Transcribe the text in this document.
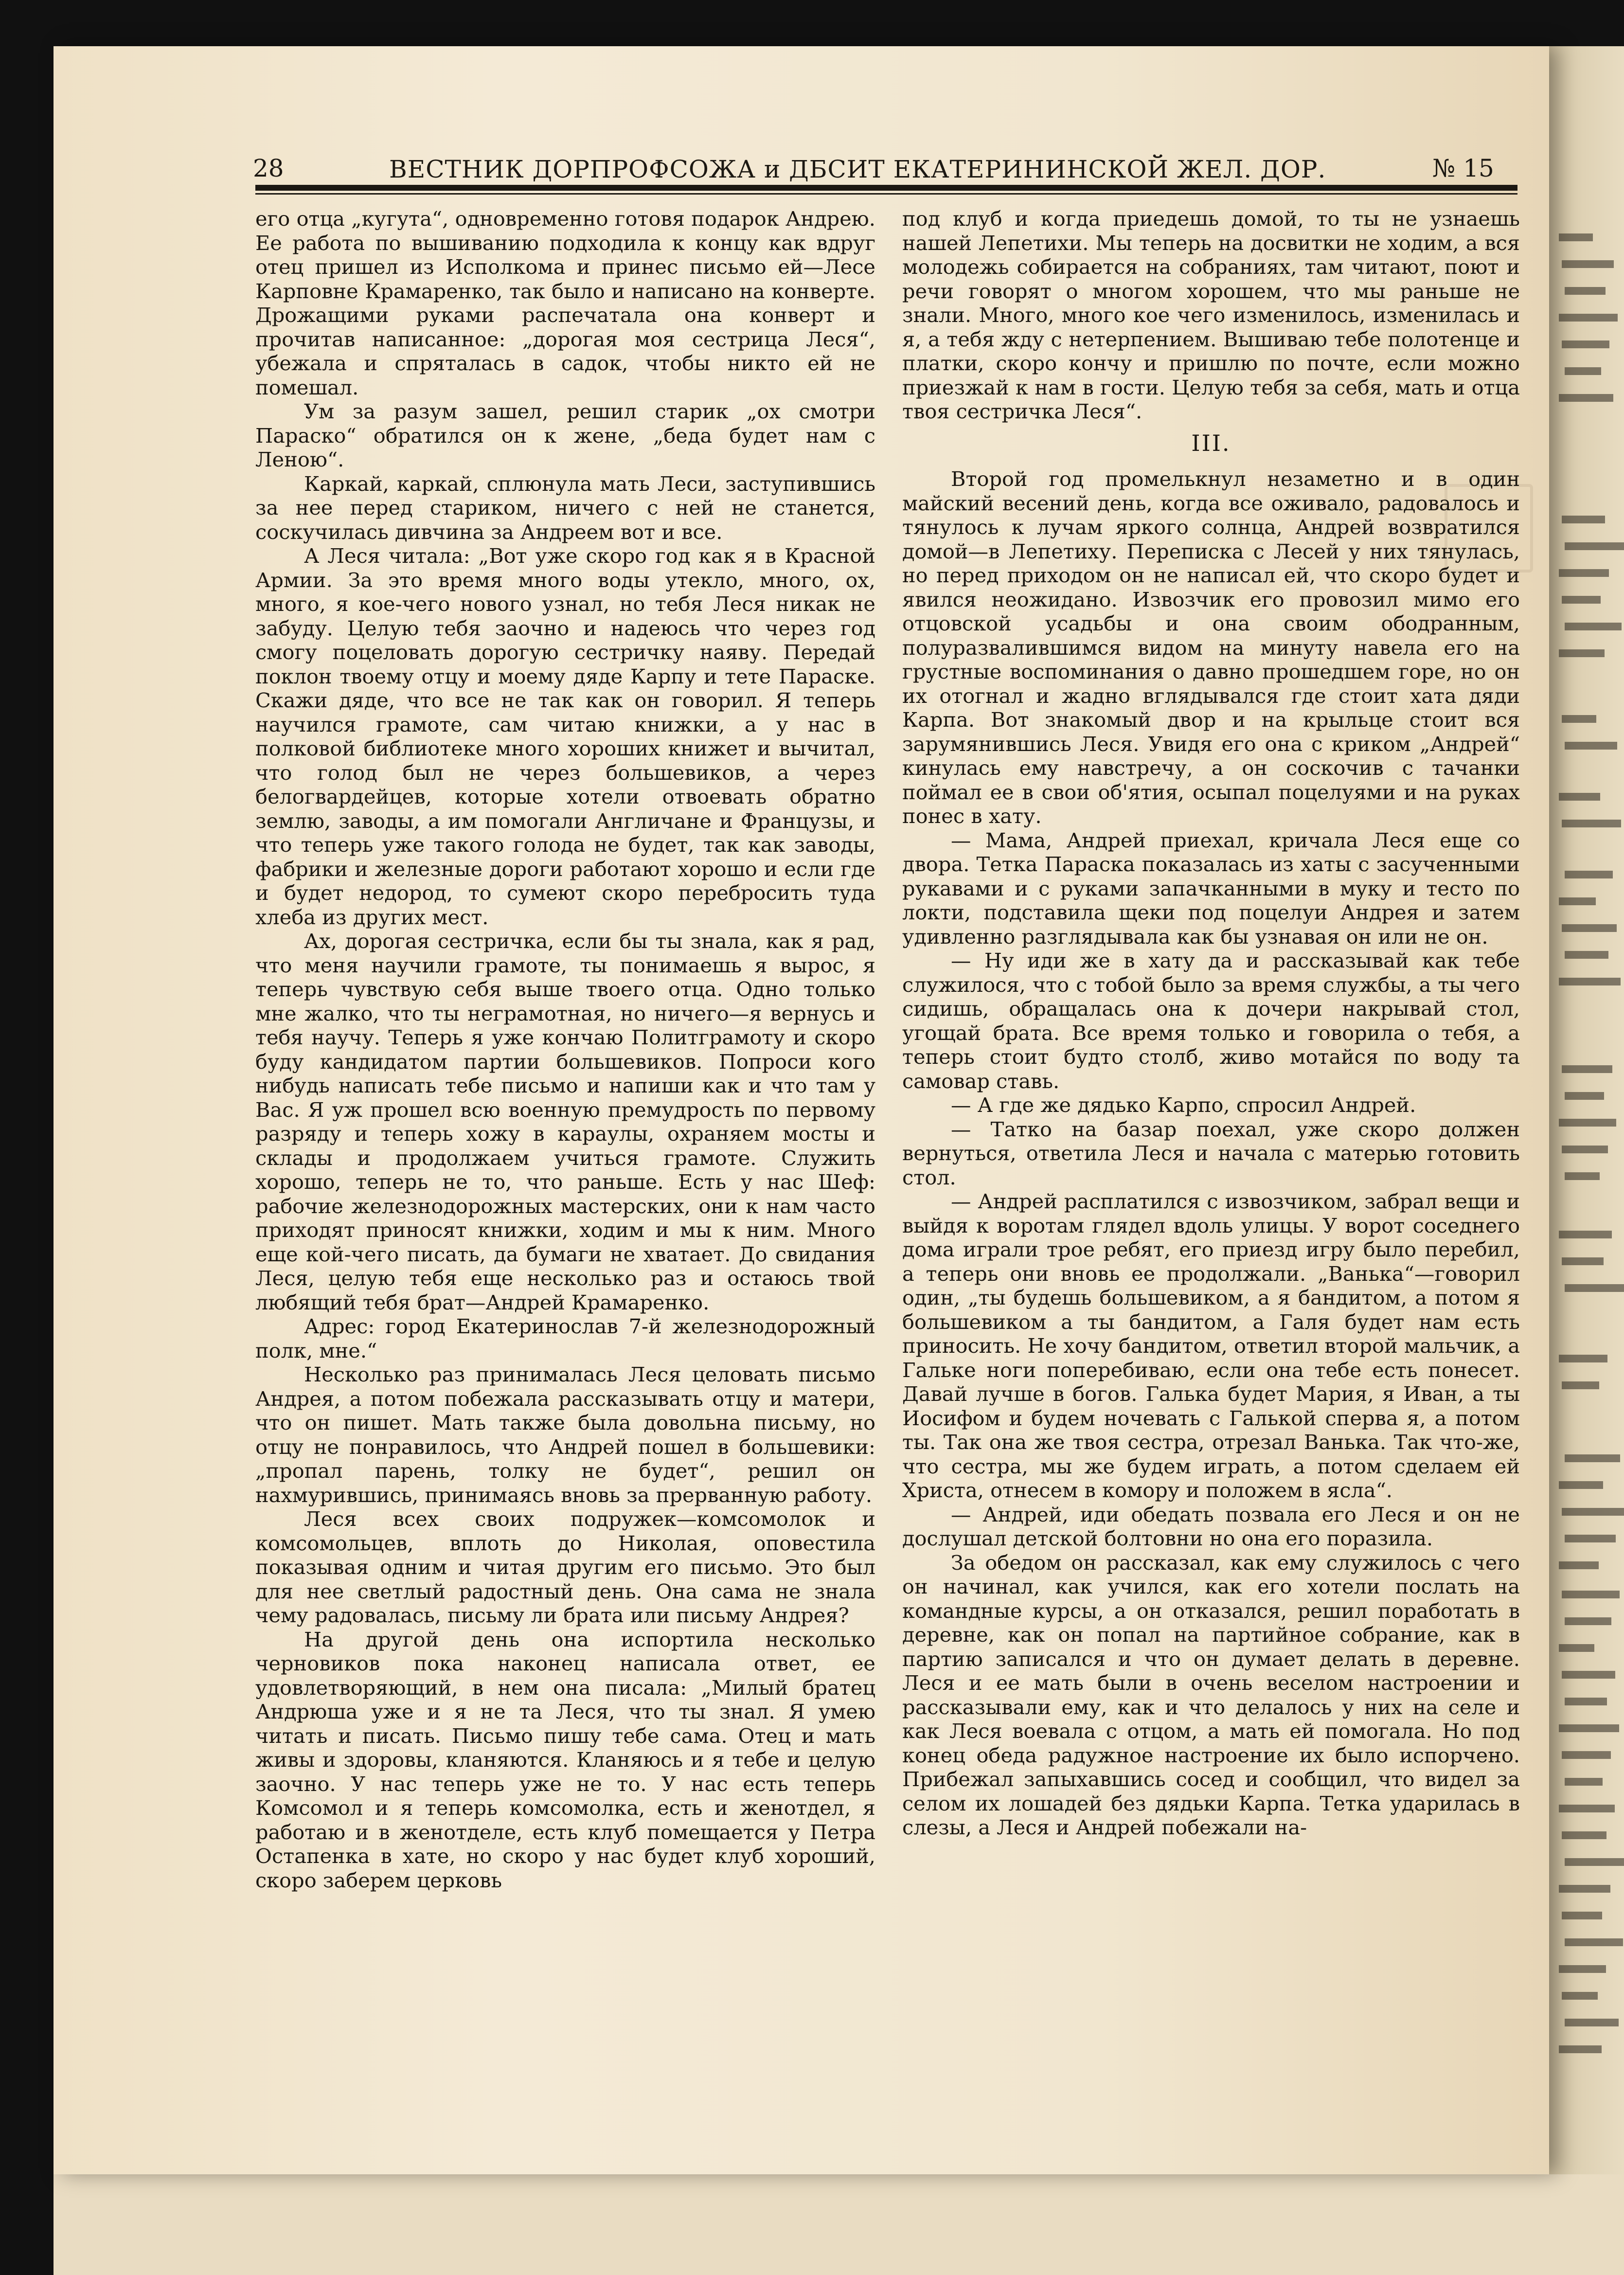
28	ВЕСТНИК ДОРПРОФСОЖА и ДБСИТ ЕКАТЕРИНИНСКОЙ ЖЕЛ. ДОР.	№ 15

его отца „кугута“, одновременно готовя подарок Андрею. Ее работа по вышиванию подходила к концу как вдруг отец пришел из Исполкома и принес письмо ей—Лесе Карповне Крамаренко, так было и написано на конверте. Дрожащими руками распечатала она конверт и прочитав написанное: „дорогая моя сестрица Леся“, убежала и спряталась в садок, чтобы никто ей не помешал.

Ум за разум зашел, решил старик „ох смотри Параско“ обратился он к жене, „беда будет нам с Леною“.

Каркай, каркай, сплюнула мать Леси, заступившись за нее перед стариком, ничего с ней не станется, соскучилась дивчина за Андреем вот и все.

А Леся читала: „Вот уже скоро год как я в Красной Армии. За это время много воды утекло, много, ох, много, я кое-чего нового узнал, но тебя Леся никак не забуду. Целую тебя заочно и надеюсь что через год смогу поцеловать дорогую сестричку наяву. Передай поклон твоему отцу и моему дяде Карпу и тете Параске. Скажи дяде, что все не так как он говорил. Я теперь научился грамоте, сам читаю книжки, а у нас в полковой библиотеке много хороших книжет и вычитал, что голод был не через большевиков, а через белогвардейцев, которые хотели отвоевать обратно землю, заводы, а им помогали Англичане и Французы, и что теперь уже такого голода не будет, так как заводы, фабрики и железные дороги работают хорошо и если где и будет недород, то сумеют скоро перебросить туда хлеба из других мест.

Ах, дорогая сестричка, если бы ты знала, как я рад, что меня научили грамоте, ты понимаешь я вырос, я теперь чувствую себя выше твоего отца. Одно только мне жалко, что ты неграмотная, но ничего—я вернусь и тебя научу. Теперь я уже кончаю Политграмоту и скоро буду кандидатом партии большевиков. Попроси кого нибудь написать тебе письмо и напиши как и что там у Вас. Я уж прошел всю военную премудрость по первому разряду и теперь хожу в караулы, охраняем мосты и склады и продолжаем учиться грамоте. Служить хорошо, теперь не то, что раньше. Есть у нас Шеф: рабочие железнодорожных мастерских, они к нам часто приходят приносят книжки, ходим и мы к ним. Много еще кой-чего писать, да бумаги не хватает. До свидания Леся, целую тебя еще несколько раз и остаюсь твой любящий тебя брат—Андрей Крамаренко.

Адрес: город Екатеринослав 7-й железнодорожный полк, мне.“

Несколько раз принималась Леся целовать письмо Андрея, а потом побежала рассказывать отцу и матери, что он пишет. Мать также была довольна письму, но отцу не понравилось, что Андрей пошел в большевики: „пропал парень, толку не будет“, решил он нахмурившись, принимаясь вновь за прерванную работу.

Леся всех своих подружек—комсомолок и комсомольцев, вплоть до Николая, оповестила показывая одним и читая другим его письмо. Это был для нее светлый радостный день. Она сама не знала чему радовалась, письму ли брата или письму Андрея?

На другой день она испортила несколько черновиков пока наконец написала ответ, ее удовлетворяющий, в нем она писала: „Милый братец Андрюша уже и я не та Леся, что ты знал. Я умею читать и писать. Письмо пишу тебе сама. Отец и мать живы и здоровы, кланяются. Кланяюсь и я тебе и целую заочно. У нас теперь уже не то. У нас есть теперь Комсомол и я теперь комсомолка, есть и женотдел, я работаю и в женотделе, есть клуб помещается у Петра Остапенка в хате, но скоро у нас будет клуб хороший, скоро заберем церковь

под клуб и когда приедешь домой, то ты не узнаешь нашей Лепетихи. Мы теперь на досвитки не ходим, а вся молодежь собирается на собраниях, там читают, поют и речи говорят о многом хорошем, что мы раньше не знали. Много, много кое чего изменилось, изменилась и я, а тебя жду с нетерпением. Вышиваю тебе полотенце и платки, скоро кончу и пришлю по почте, если можно приезжай к нам в гости. Целую тебя за себя, мать и отца твоя сестричка Леся“.

III.

Второй год промелькнул незаметно и в один майский весений день, когда все оживало, радовалось и тянулось к лучам яркого солнца, Андрей возвратился домой—в Лепетиху. Переписка с Лесей у них тянулась, но перед приходом он не написал ей, что скоро будет и явился неожидано. Извозчик его провозил мимо его отцовской усадьбы и она своим ободранным, полуразвалившимся видом на минуту навела его на грустные воспоминания о давно прошедшем горе, но он их отогнал и жадно вглядывался где стоит хата дяди Карпа. Вот знакомый двор и на крыльце стоит вся зарумянившись Леся. Увидя его она с криком „Андрей“ кинулась ему навстречу, а он соскочив с тачанки поймал ее в свои об'ятия, осыпал поцелуями и на руках понес в хату.

— Мама, Андрей приехал, кричала Леся еще со двора. Тетка Параска показалась из хаты с засученными рукавами и с руками запачканными в муку и тесто по локти, подставила щеки под поцелуи Андрея и затем удивленно разглядывала как бы узнавая он или не он.

— Ну иди же в хату да и рассказывай как тебе служилося, что с тобой было за время службы, а ты чего сидишь, обращалась она к дочери накрывай стол, угощай брата. Все время только и говорила о тебя, а теперь стоит будто столб, живо мотайся по воду та самовар ставь.

— А где же дядько Карпо, спросил Андрей.

— Татко на базар поехал, уже скоро должен вернуться, ответила Леся и начала с матерью готовить стол.

— Андрей расплатился с извозчиком, забрал вещи и выйдя к воротам глядел вдоль улицы. У ворот соседнего дома играли трое ребят, его приезд игру было перебил, а теперь они вновь ее продолжали. „Ванька“—говорил один, „ты будешь большевиком, а я бандитом, а потом я большевиком а ты бандитом, а Галя будет нам есть приносить. Не хочу бандитом, ответил второй мальчик, а Гальке ноги поперебиваю, если она тебе есть понесет. Давай лучше в богов. Галька будет Мария, я Иван, а ты Иосифом и будем ночевать с Галькой сперва я, а потом ты. Так она же твоя сестра, отрезал Ванька. Так что-же, что сестра, мы же будем играть, а потом сделаем ей Христа, отнесем в комору и положем в ясла“.

— Андрей, иди обедать позвала его Леся и он не дослушал детской болтовни но она его поразила.

За обедом он рассказал, как ему служилось с чего он начинал, как учился, как его хотели послать на командные курсы, а он отказался, решил поработать в деревне, как он попал на партийное собрание, как в партию записался и что он думает делать в деревне. Леся и ее мать были в очень веселом настроении и рассказывали ему, как и что делалось у них на селе и как Леся воевала с отцом, а мать ей помогала. Но под конец обеда радужное настроение их было испорчено. Прибежал запыхавшись сосед и сообщил, что видел за селом их лошадей без дядьки Карпа. Тетка ударилась в слезы, а Леся и Андрей побежали на-
